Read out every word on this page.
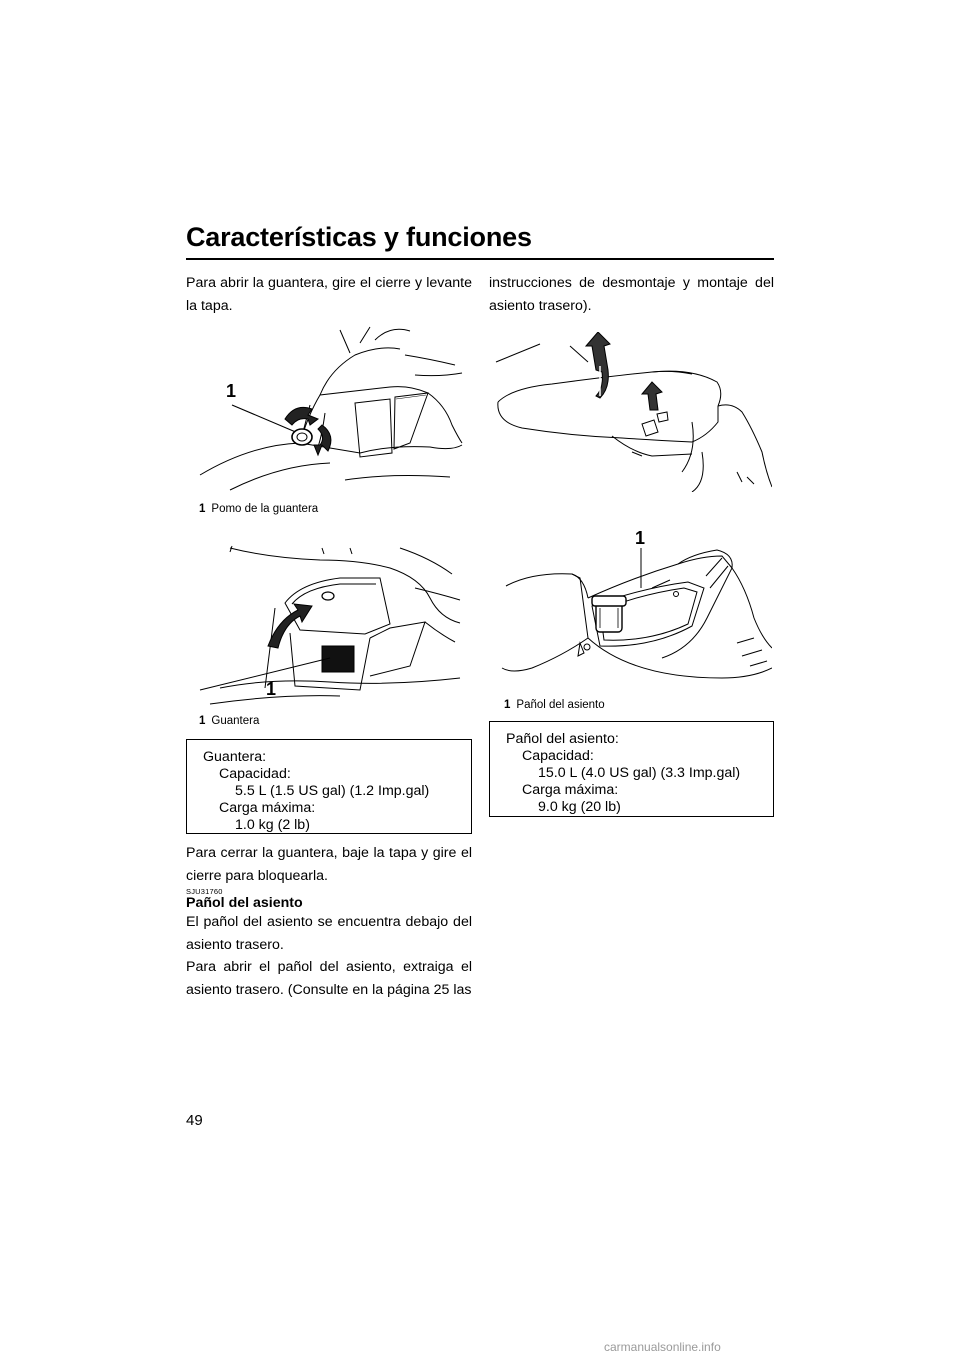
Características y funciones
Para abrir la guantera, gire el cierre y levante la tapa.
1
1 Pomo de la guantera
1
1 Guantera
Guantera:
Capacidad:
5.5 L (1.5 US gal) (1.2 Imp.gal)
Carga máxima:
1.0 kg (2 lb)
Para cerrar la guantera, baje la tapa y gire el cierre para bloquearla.
SJU31760
Pañol del asiento
El pañol del asiento se encuentra debajo del asiento trasero.
Para abrir el pañol del asiento, extraiga el asiento trasero. (Consulte en la página 25 las
instrucciones de desmontaje y montaje del asiento trasero).
1
1 Pañol del asiento
Pañol del asiento:
Capacidad:
15.0 L (4.0 US gal) (3.3 Imp.gal)
Carga máxima:
9.0 kg (20 lb)
49
carmanualsonline.info
